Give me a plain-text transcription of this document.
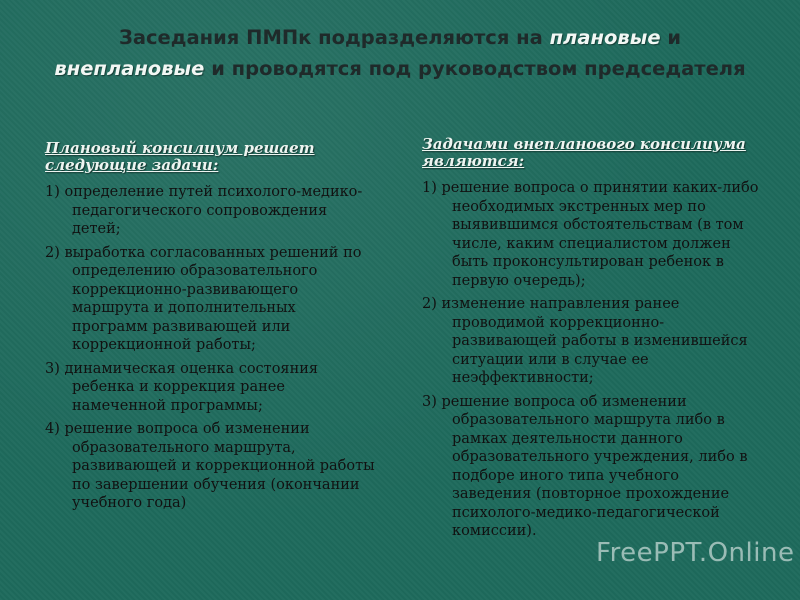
Заседания ПМПк подразделяются на плановые и
внеплановые и проводятся под руководством председателя
Плановый консилиум решает следующие задачи:
1) определение путей психолого-медико-педагогического сопровождения детей;
2) выработка согласованных решений по определению образовательного коррекционно-развивающего маршрута и дополнительных программ развивающей или коррекционной работы;
3) динамическая оценка состояния ребенка и коррекция ранее намеченной программы;
4) решение вопроса об изменении образовательного маршрута, развивающей и коррекционной работы по завершении обучения (окончании учебного года)
Задачами внепланового консилиума являются:
1) решение вопроса о принятии каких-либо необходимых экстренных мер по выявившимся обстоятельствам (в том числе, каким специалистом должен быть проконсультирован ребенок в первую очередь);
2) изменение направления ранее проводимой коррекционно-развивающей работы в изменившейся ситуации или в случае ее неэффективности;
3) решение вопроса об изменении образовательного маршрута либо в рамках деятельности данного образовательного учреждения, либо в подборе иного типа учебного заведения (повторное прохождение психолого-медико-педагогической комиссии).
FreePPT.Online
